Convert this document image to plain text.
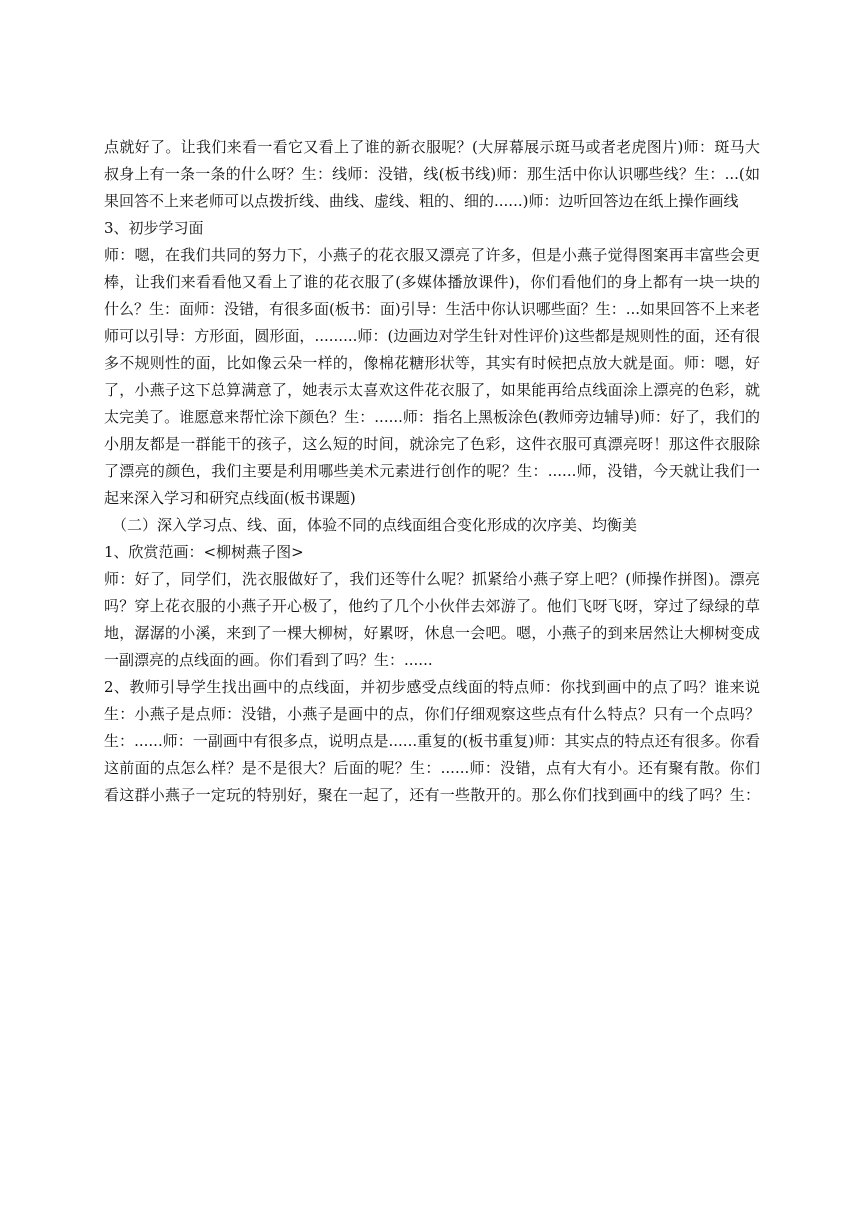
点就好了。让我们来看一看它又看上了谁的新衣服呢？(大屏幕展示斑马或者老虎图片)师：斑马大
叔身上有一条一条的什么呀？生：线师：没错，线(板书线)师：那生活中你认识哪些线？生：...(如
果回答不上来老师可以点拨折线、曲线、虚线、粗的、细的......)师：边听回答边在纸上操作画线
3、初步学习面
师：嗯，在我们共同的努力下，小燕子的花衣服又漂亮了许多，但是小燕子觉得图案再丰富些会更
棒，让我们来看看他又看上了谁的花衣服了(多媒体播放课件)，你们看他们的身上都有一块一块的
什么？生：面师：没错，有很多面(板书：面)引导：生活中你认识哪些面？生：...如果回答不上来老
师可以引导：方形面，圆形面，.........师：(边画边对学生针对性评价)这些都是规则性的面，还有很
多不规则性的面，比如像云朵一样的，像棉花糖形状等，其实有时候把点放大就是面。师：嗯，好
了，小燕子这下总算满意了，她表示太喜欢这件花衣服了，如果能再给点线面涂上漂亮的色彩，就
太完美了。谁愿意来帮忙涂下颜色？生：......师：指名上黑板涂色(教师旁边辅导)师：好了，我们的
小朋友都是一群能干的孩子，这么短的时间，就涂完了色彩，这件衣服可真漂亮呀！那这件衣服除
了漂亮的颜色，我们主要是利用哪些美术元素进行创作的呢？生：......师，没错，今天就让我们一
起来深入学习和研究点线面(板书课题)
（二）深入学习点、线、面，体验不同的点线面组合变化形成的次序美、均衡美
1、欣赏范画：<柳树燕子图>
师：好了，同学们，洗衣服做好了，我们还等什么呢？抓紧给小燕子穿上吧？(师操作拼图)。漂亮
吗？穿上花衣服的小燕子开心极了，他约了几个小伙伴去郊游了。他们飞呀飞呀，穿过了绿绿的草
地，潺潺的小溪，来到了一棵大柳树，好累呀，休息一会吧。嗯，小燕子的到来居然让大柳树变成
一副漂亮的点线面的画。你们看到了吗？生：......
2、教师引导学生找出画中的点线面，并初步感受点线面的特点师：你找到画中的点了吗？谁来说
生：小燕子是点师：没错，小燕子是画中的点，你们仔细观察这些点有什么特点？只有一个点吗？
生：......师：一副画中有很多点，说明点是......重复的(板书重复)师：其实点的特点还有很多。你看
这前面的点怎么样？是不是很大？后面的呢？生：......师：没错，点有大有小。还有聚有散。你们
看这群小燕子一定玩的特别好，聚在一起了，还有一些散开的。那么你们找到画中的线了吗？生：
